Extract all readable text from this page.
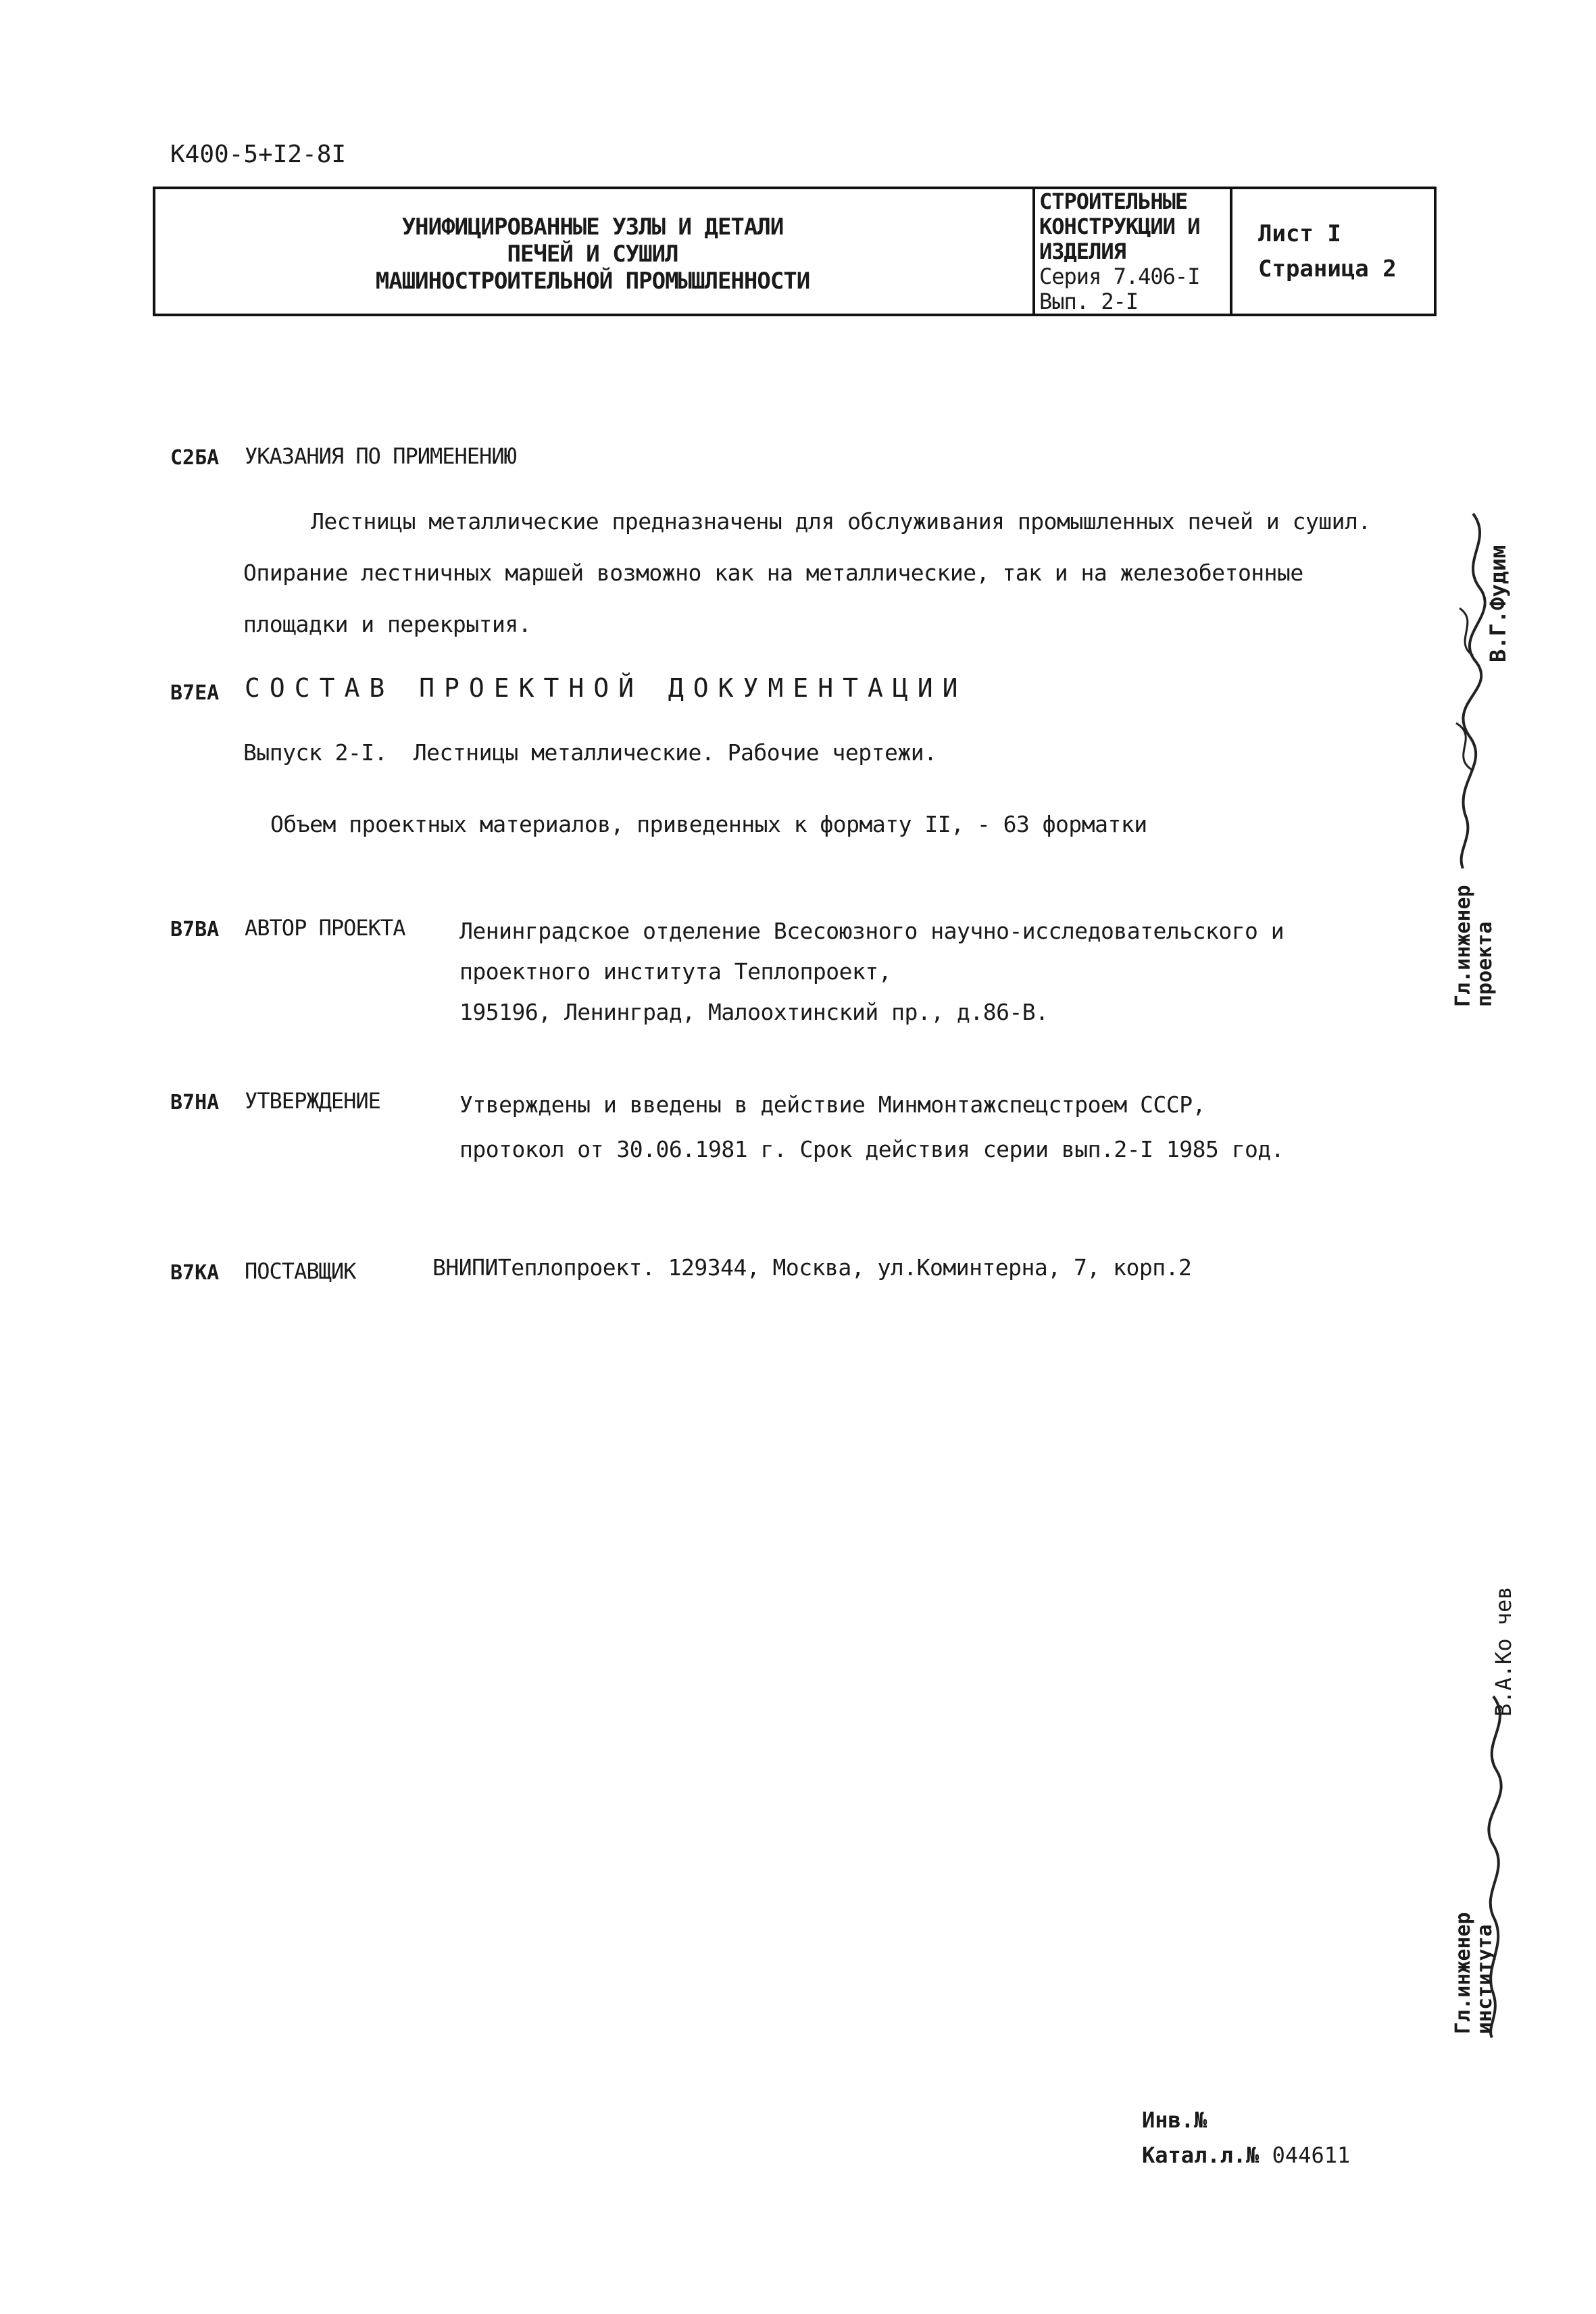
К400-5+I2-8I
УНИФИЦИРОВАННЫЕ УЗЛЫ И ДЕТАЛИ
ПЕЧЕЙ И СУШИЛ
МАШИНОСТРОИТЕЛЬНОЙ ПРОМЫШЛЕННОСТИ
СТРОИТЕЛЬНЫЕ
КОНСТРУКЦИИ И
ИЗДЕЛИЯ
Серия 7.406-I
Вып. 2-I
Лист I
Страница 2
С2БА УКАЗАНИЯ ПО ПРИМЕНЕНИЮ
Лестницы металлические предназначены для обслуживания промышленных печей и сушил. Опирание лестничных маршей возможно как на металлические, так и на железобетонные площадки и перекрытия.
В7ЕА СОСТАВ ПРОЕКТНОЙ ДОКУМЕНТАЦИИ
Выпуск 2-I.  Лестницы металлические. Рабочие чертежи.
Объем проектных материалов, приведенных к формату II, - 63 форматки
В7ВА АВТОР ПРОЕКТА Ленинградское отделение Всесоюзного научно-исследовательского и
проектного института Теплопроект,
195196, Ленинград, Малоохтинский пр., д.86-В.
В7НА УТВЕРЖДЕНИЕ	Утверждены и введены в действие Минмонтажспецстроем СССР,
протокол от 30.06.1981 г. Срок действия серии вып.2-I 1985 год.
В7КА ПОСТАВЩИК	ВНИПИТеплопроект. 129344, Москва, ул.Коминтерна, 7, корп.2
Гл.инженер
проекта
В.Г.Фудим
Гл.инженер
института
В.А.Ко чев
Инв.№
Катал.л.№ 044611
